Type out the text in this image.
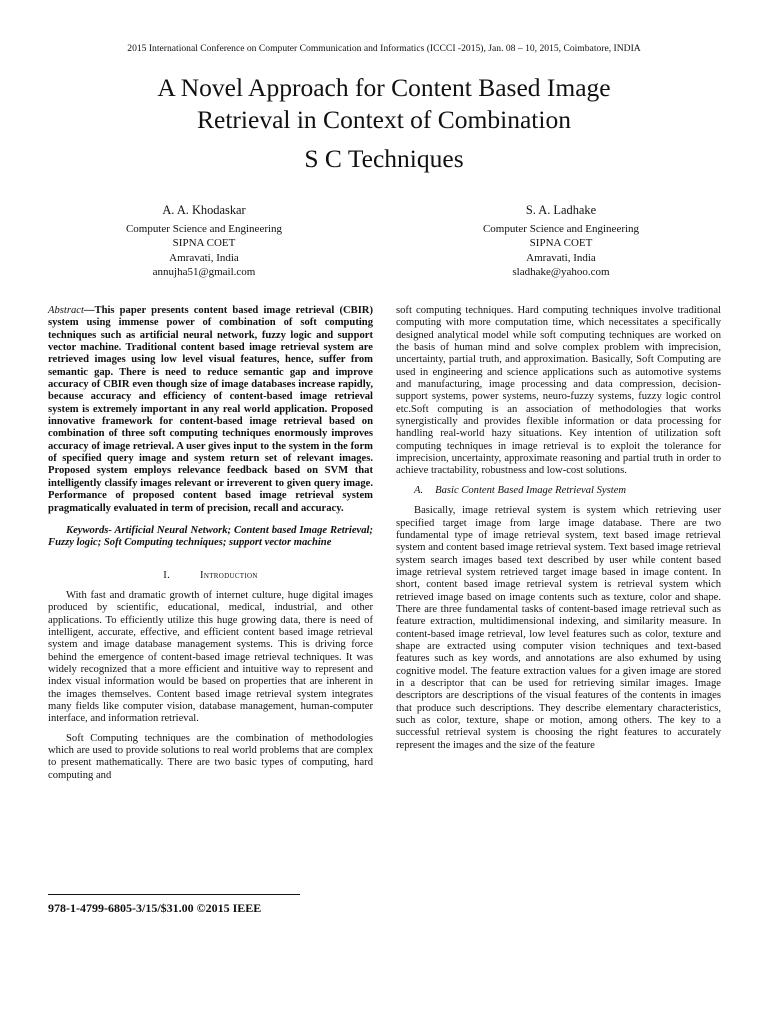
2015 International Conference on Computer Communication and Informatics (ICCCI -2015), Jan. 08 – 10, 2015, Coimbatore, INDIA
A Novel Approach for Content Based Image
Retrieval in Context of Combination
S C Techniques
A. A. Khodaskar
Computer Science and Engineering
SIPNA COET
Amravati, India
annujha51@gmail.com
S. A. Ladhake
Computer Science and Engineering
SIPNA COET
Amravati, India
sladhake@yahoo.com

Abstract—This paper presents content based image retrieval (CBIR) system using immense power of combination of soft computing techniques such as artificial neural network, fuzzy logic and support vector machine. Traditional content based image retrieval system are retrieved images using low level visual features, hence, suffer from semantic gap. There is need to reduce semantic gap and improve accuracy of CBIR even though size of image databases increase rapidly, because accuracy and efficiency of content-based image retrieval system is extremely important in any real world application. Proposed innovative framework for content-based image retrieval based on combination of three soft computing techniques enormously improves accuracy of image retrieval. A user gives input to the system in the form of specified query image and system return set of relevant images. Proposed system employs relevance feedback based on SVM that intelligently classify images relevant or irreverent to given query image. Performance of proposed content based image retrieval system pragmatically evaluated in term of precision, recall and accuracy.

Keywords- Artificial Neural Network; Content based Image Retrieval; Fuzzy logic; Soft Computing techniques; support vector machine

I.	Introduction

With fast and dramatic growth of internet culture, huge digital images produced by scientific, educational, medical, industrial, and other applications. To efficiently utilize this huge growing data, there is need of intelligent, accurate, effective, and efficient content based image retrieval system and image database management systems. This is driving force behind the emergence of content-based image retrieval techniques. It was widely recognized that a more efficient and intuitive way to represent and index visual information would be based on properties that are inherent in the images themselves. Content based image retrieval system integrates many fields like computer vision, database management, human-computer interface, and information retrieval.

Soft Computing techniques are the combination of methodologies which are used to provide solutions to real world problems that are complex to present mathematically. There are two basic types of computing, hard computing and

soft computing techniques. Hard computing techniques involve traditional computing with more computation time, which necessitates a specifically designed analytical model while soft computing techniques are worked on the basis of human mind and solve complex problem with imprecision, uncertainty, partial truth, and approximation. Basically, Soft Computing are used in engineering and science applications such as automotive systems and manufacturing, image processing and data compression, decision-support systems, power systems, neuro-fuzzy systems, fuzzy logic control etc.Soft computing is an association of methodologies that works synergistically and provides flexible information or data processing for handling real-world hazy situations. Key intention of utilization soft computing techniques in image retrieval is to exploit the tolerance for imprecision, uncertainty, approximate reasoning and partial truth in order to achieve tractability, robustness and low-cost solutions.

A. Basic Content Based Image Retrieval System

Basically, image retrieval system is system which retrieving user specified target image from large image database. There are two fundamental type of image retrieval system, text based image retrieval system and content based image retrieval system. Text based image retrieval system search images based text described by user while content based image retrieval system retrieved target image based in image content. In short, content based image retrieval system is retrieval system which retrieved image based on image contents such as texture, color and shape. There are three fundamental tasks of content-based image retrieval such as feature extraction, multidimensional indexing, and similarity measure. In content-based image retrieval, low level features such as color, texture and shape are extracted using computer vision techniques and text-based features such as key words, and annotations are also exhumed by using cognitive model. The feature extraction values for a given image are stored in a descriptor that can be used for retrieving similar images. Image descriptors are descriptions of the visual features of the contents in images that produce such descriptions. They describe elementary characteristics, such as color, texture, shape or motion, among others. The key to a successful retrieval system is choosing the right features to accurately represent the images and the size of the feature

978-1-4799-6805-3/15/$31.00 ©2015 IEEE
